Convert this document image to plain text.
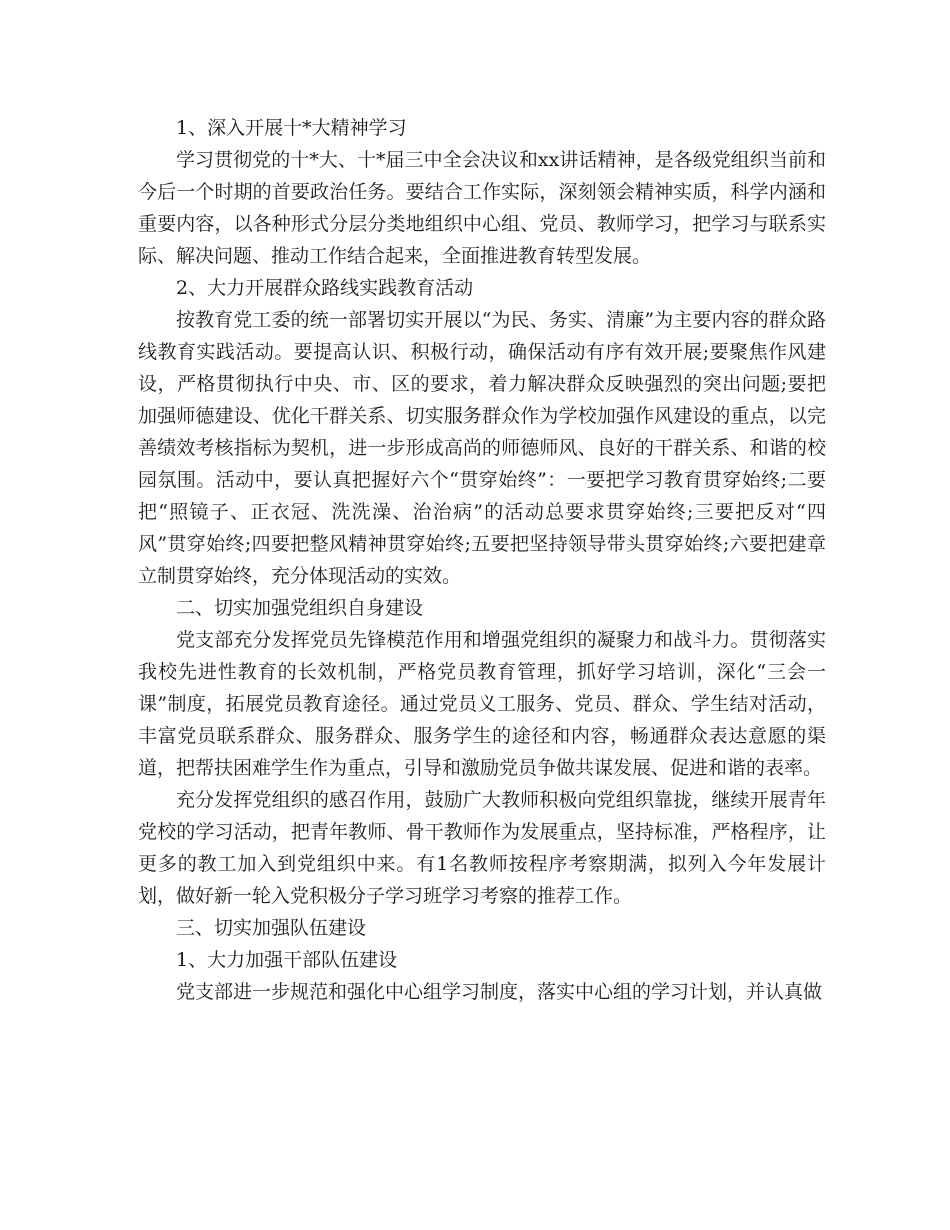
1、深入开展十*大精神学习

学习贯彻党的十*大、十*届三中全会决议和xx讲话精神，是各级党组织当前和今后一个时期的首要政治任务。要结合工作实际，深刻领会精神实质，科学内涵和重要内容，以各种形式分层分类地组织中心组、党员、教师学习，把学习与联系实际、解决问题、推动工作结合起来，全面推进教育转型发展。

2、大力开展群众路线实践教育活动

按教育党工委的统一部署切实开展以“为民、务实、清廉”为主要内容的群众路线教育实践活动。要提高认识、积极行动，确保活动有序有效开展;要聚焦作风建设，严格贯彻执行中央、市、区的要求，着力解决群众反映强烈的突出问题;要把加强师德建设、优化干群关系、切实服务群众作为学校加强作风建设的重点，以完善绩效考核指标为契机，进一步形成高尚的师德师风、良好的干群关系、和谐的校园氛围。活动中，要认真把握好六个“贯穿始终”：一要把学习教育贯穿始终;二要把“照镜子、正衣冠、洗洗澡、治治病”的活动总要求贯穿始终;三要把反对“四风”贯穿始终;四要把整风精神贯穿始终;五要把坚持领导带头贯穿始终;六要把建章立制贯穿始终，充分体现活动的实效。

二、切实加强党组织自身建设

党支部充分发挥党员先锋模范作用和增强党组织的凝聚力和战斗力。贯彻落实我校先进性教育的长效机制，严格党员教育管理，抓好学习培训，深化“三会一课”制度，拓展党员教育途径。通过党员义工服务、党员、群众、学生结对活动，丰富党员联系群众、服务群众、服务学生的途径和内容，畅通群众表达意愿的渠道，把帮扶困难学生作为重点，引导和激励党员争做共谋发展、促进和谐的表率。

充分发挥党组织的感召作用，鼓励广大教师积极向党组织靠拢，继续开展青年党校的学习活动，把青年教师、骨干教师作为发展重点，坚持标准，严格程序，让更多的教工加入到党组织中来。有1名教师按程序考察期满，拟列入今年发展计划，做好新一轮入党积极分子学习班学习考察的推荐工作。

三、切实加强队伍建设

1、大力加强干部队伍建设

党支部进一步规范和强化中心组学习制度，落实中心组的学习计划，并认真做
